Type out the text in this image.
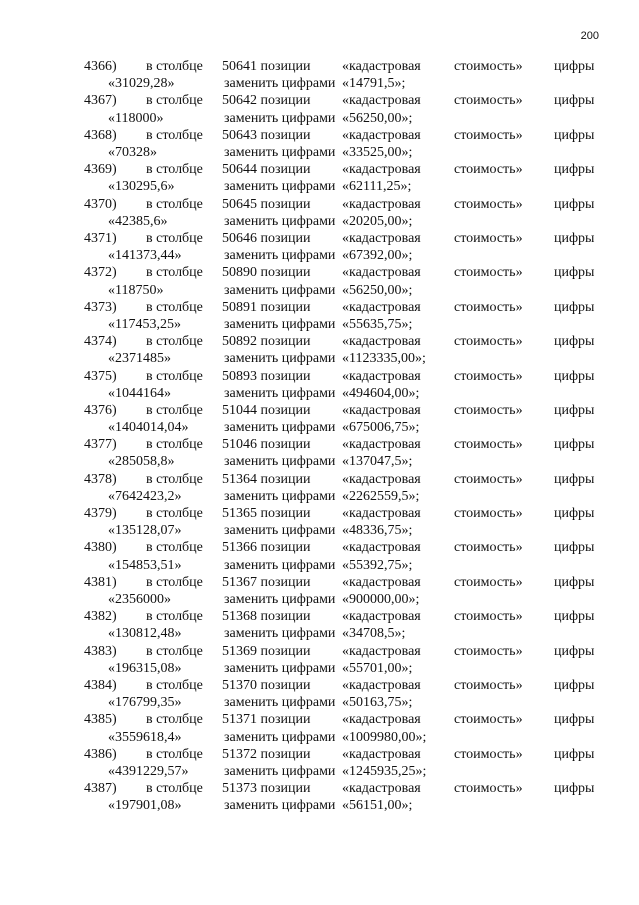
200
4366) в столбце 50641 позиции «кадастровая стоимость» цифры
«31029,28»	заменить цифрами «14791,5»;
4367) в столбце 50642 позиции «кадастровая стоимость» цифры
«118000»	заменить цифрами «56250,00»;
4368) в столбце 50643 позиции «кадастровая стоимость» цифры
«70328»	заменить цифрами «33525,00»;
4369) в столбце 50644 позиции «кадастровая стоимость» цифры
«130295,6»	заменить цифрами «62111,25»;
4370) в столбце 50645 позиции «кадастровая стоимость» цифры
«42385,6»	заменить цифрами «20205,00»;
4371) в столбце 50646 позиции «кадастровая стоимость» цифры
«141373,44»	заменить цифрами «67392,00»;
4372) в столбце 50890 позиции «кадастровая стоимость» цифры
«118750»	заменить цифрами «56250,00»;
4373) в столбце 50891 позиции «кадастровая стоимость» цифры
«117453,25»	заменить цифрами «55635,75»;
4374) в столбце 50892 позиции «кадастровая стоимость» цифры
«2371485»	заменить цифрами «1123335,00»;
4375) в столбце 50893 позиции «кадастровая стоимость» цифры
«1044164»	заменить цифрами «494604,00»;
4376) в столбце 51044 позиции «кадастровая стоимость» цифры
«1404014,04»	заменить цифрами «675006,75»;
4377) в столбце 51046 позиции «кадастровая стоимость» цифры
«285058,8»	заменить цифрами «137047,5»;
4378) в столбце 51364 позиции «кадастровая стоимость» цифры
«7642423,2»	заменить цифрами «2262559,5»;
4379) в столбце 51365 позиции «кадастровая стоимость» цифры
«135128,07»	заменить цифрами «48336,75»;
4380) в столбце 51366 позиции «кадастровая стоимость» цифры
«154853,51»	заменить цифрами «55392,75»;
4381) в столбце 51367 позиции «кадастровая стоимость» цифры
«2356000»	заменить цифрами «900000,00»;
4382) в столбце 51368 позиции «кадастровая стоимость» цифры
«130812,48»	заменить цифрами «34708,5»;
4383) в столбце 51369 позиции «кадастровая стоимость» цифры
«196315,08»	заменить цифрами «55701,00»;
4384) в столбце 51370 позиции «кадастровая стоимость» цифры
«176799,35»	заменить цифрами «50163,75»;
4385) в столбце 51371 позиции «кадастровая стоимость» цифры
«3559618,4»	заменить цифрами «1009980,00»;
4386) в столбце 51372 позиции «кадастровая стоимость» цифры
«4391229,57»	заменить цифрами «1245935,25»;
4387) в столбце 51373 позиции «кадастровая стоимость» цифры
«197901,08»	заменить цифрами «56151,00»;
